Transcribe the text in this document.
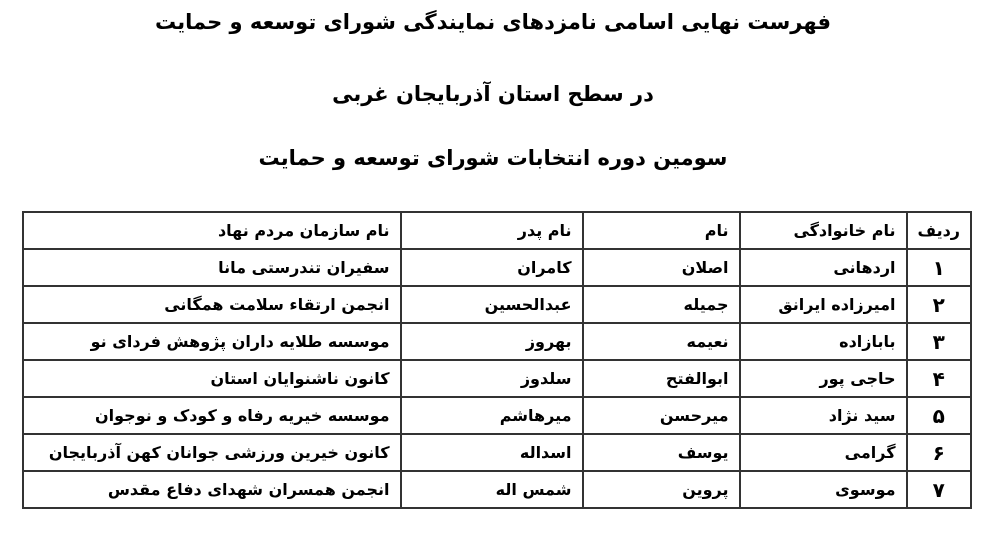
فهرست نهایی اسامی نامزدهای نمایندگی شورای توسعه و حمایت
در سطح استان آذربایجان غربی
سومین دوره انتخابات شورای توسعه و حمایت
ردیف	نام خانوادگی	نام	نام پدر	نام سازمان مردم نهاد
۱	اردهانی	اصلان	کامران	سفیران تندرستی مانا
۲	امیرزاده ایرانق	جمیله	عبدالحسین	انجمن ارتقاء سلامت همگانی
۳	بابازاده	نعیمه	بهروز	موسسه طلایه داران پژوهش فردای نو
۴	حاجی پور	ابوالفتح	سلدوز	کانون ناشنوایان استان
۵	سید نژاد	میرحسن	میرهاشم	موسسه خیریه رفاه و کودک و نوجوان
۶	گرامی	یوسف	اسداله	کانون خیرین ورزشی جوانان کهن آذربایجان
۷	موسوی	پروین	شمس اله	انجمن همسران شهدای دفاع مقدس
